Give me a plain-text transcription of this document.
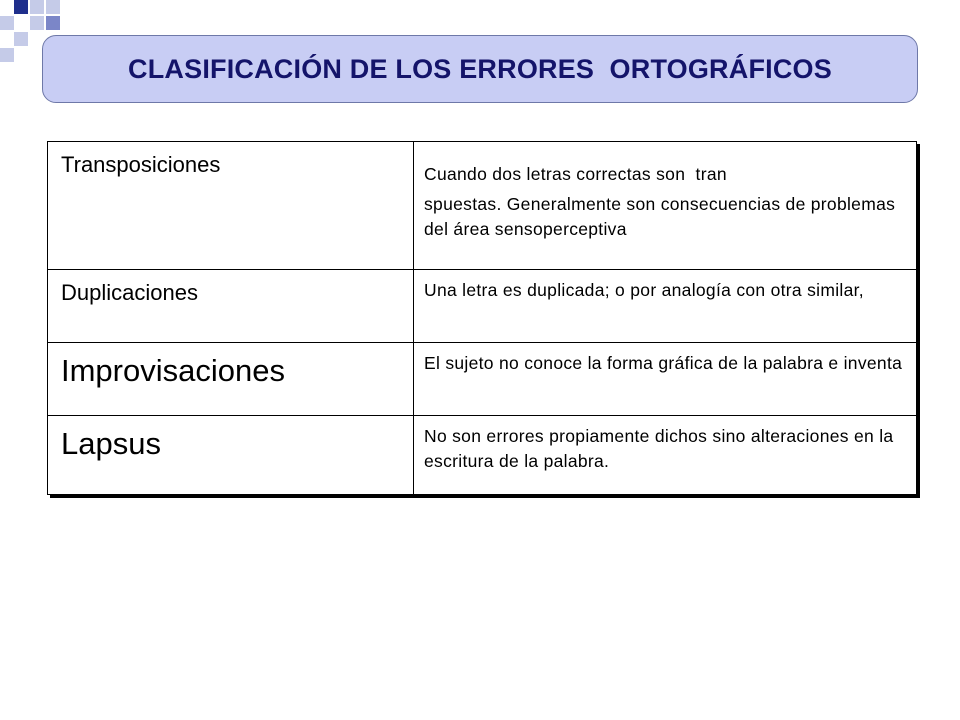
CLASIFICACIÓN DE LOS ERRORES  ORTOGRÁFICOS
Transposiciones	Cuando dos letras correctas son  tran
spuestas. Generalmente son consecuencias de problemas del área sensoperceptiva

Duplicaciones	Una letra es duplicada; o por analogía con otra similar,
Improvisaciones	El sujeto no conoce la forma gráfica de la palabra e inventa
Lapsus	No son errores propiamente dichos sino alteraciones en la escritura de la palabra.
